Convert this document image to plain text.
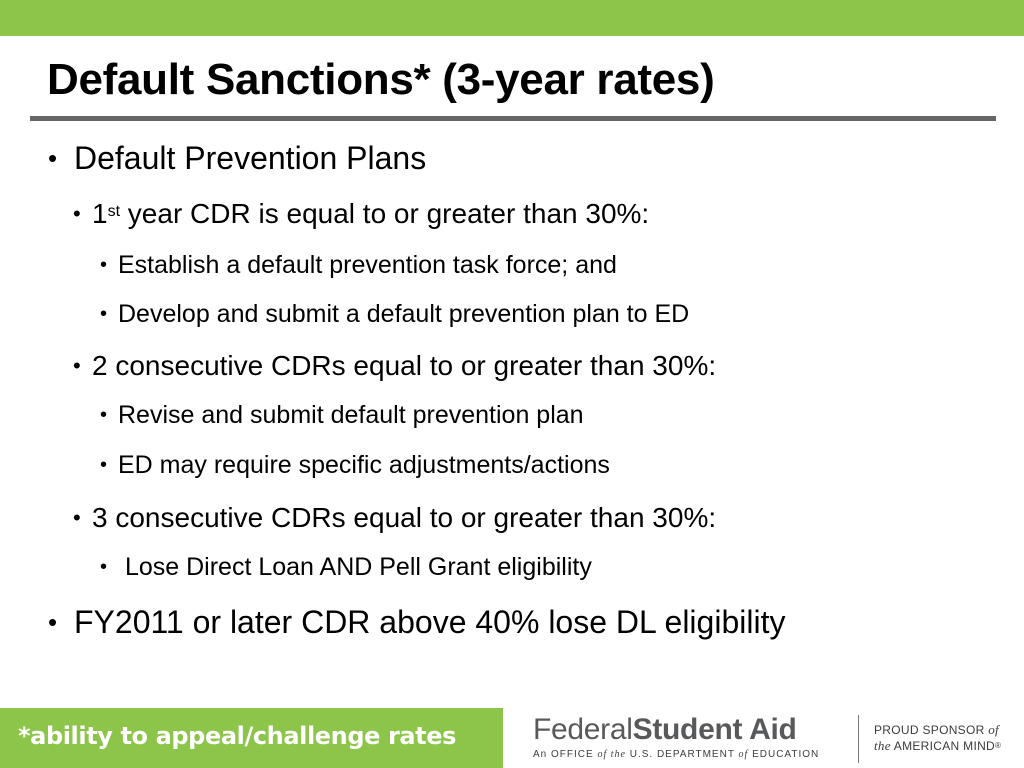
Default Sanctions* (3-year rates)
• Default Prevention Plans
• 1st year CDR is equal to or greater than 30%:
• Establish a default prevention task force; and
• Develop and submit a default prevention plan to ED
• 2 consecutive CDRs equal to or greater than 30%:
• Revise and submit default prevention plan
• ED may require specific adjustments/actions
• 3 consecutive CDRs equal to or greater than 30%:
• Lose Direct Loan AND Pell Grant eligibility
• FY2011 or later CDR above 40% lose DL eligibility
*ability to appeal/challenge rates	FederalStudent Aid
An OFFICE of the U.S. DEPARTMENT of EDUCATION
PROUD SPONSOR of
the AMERICAN MIND®
